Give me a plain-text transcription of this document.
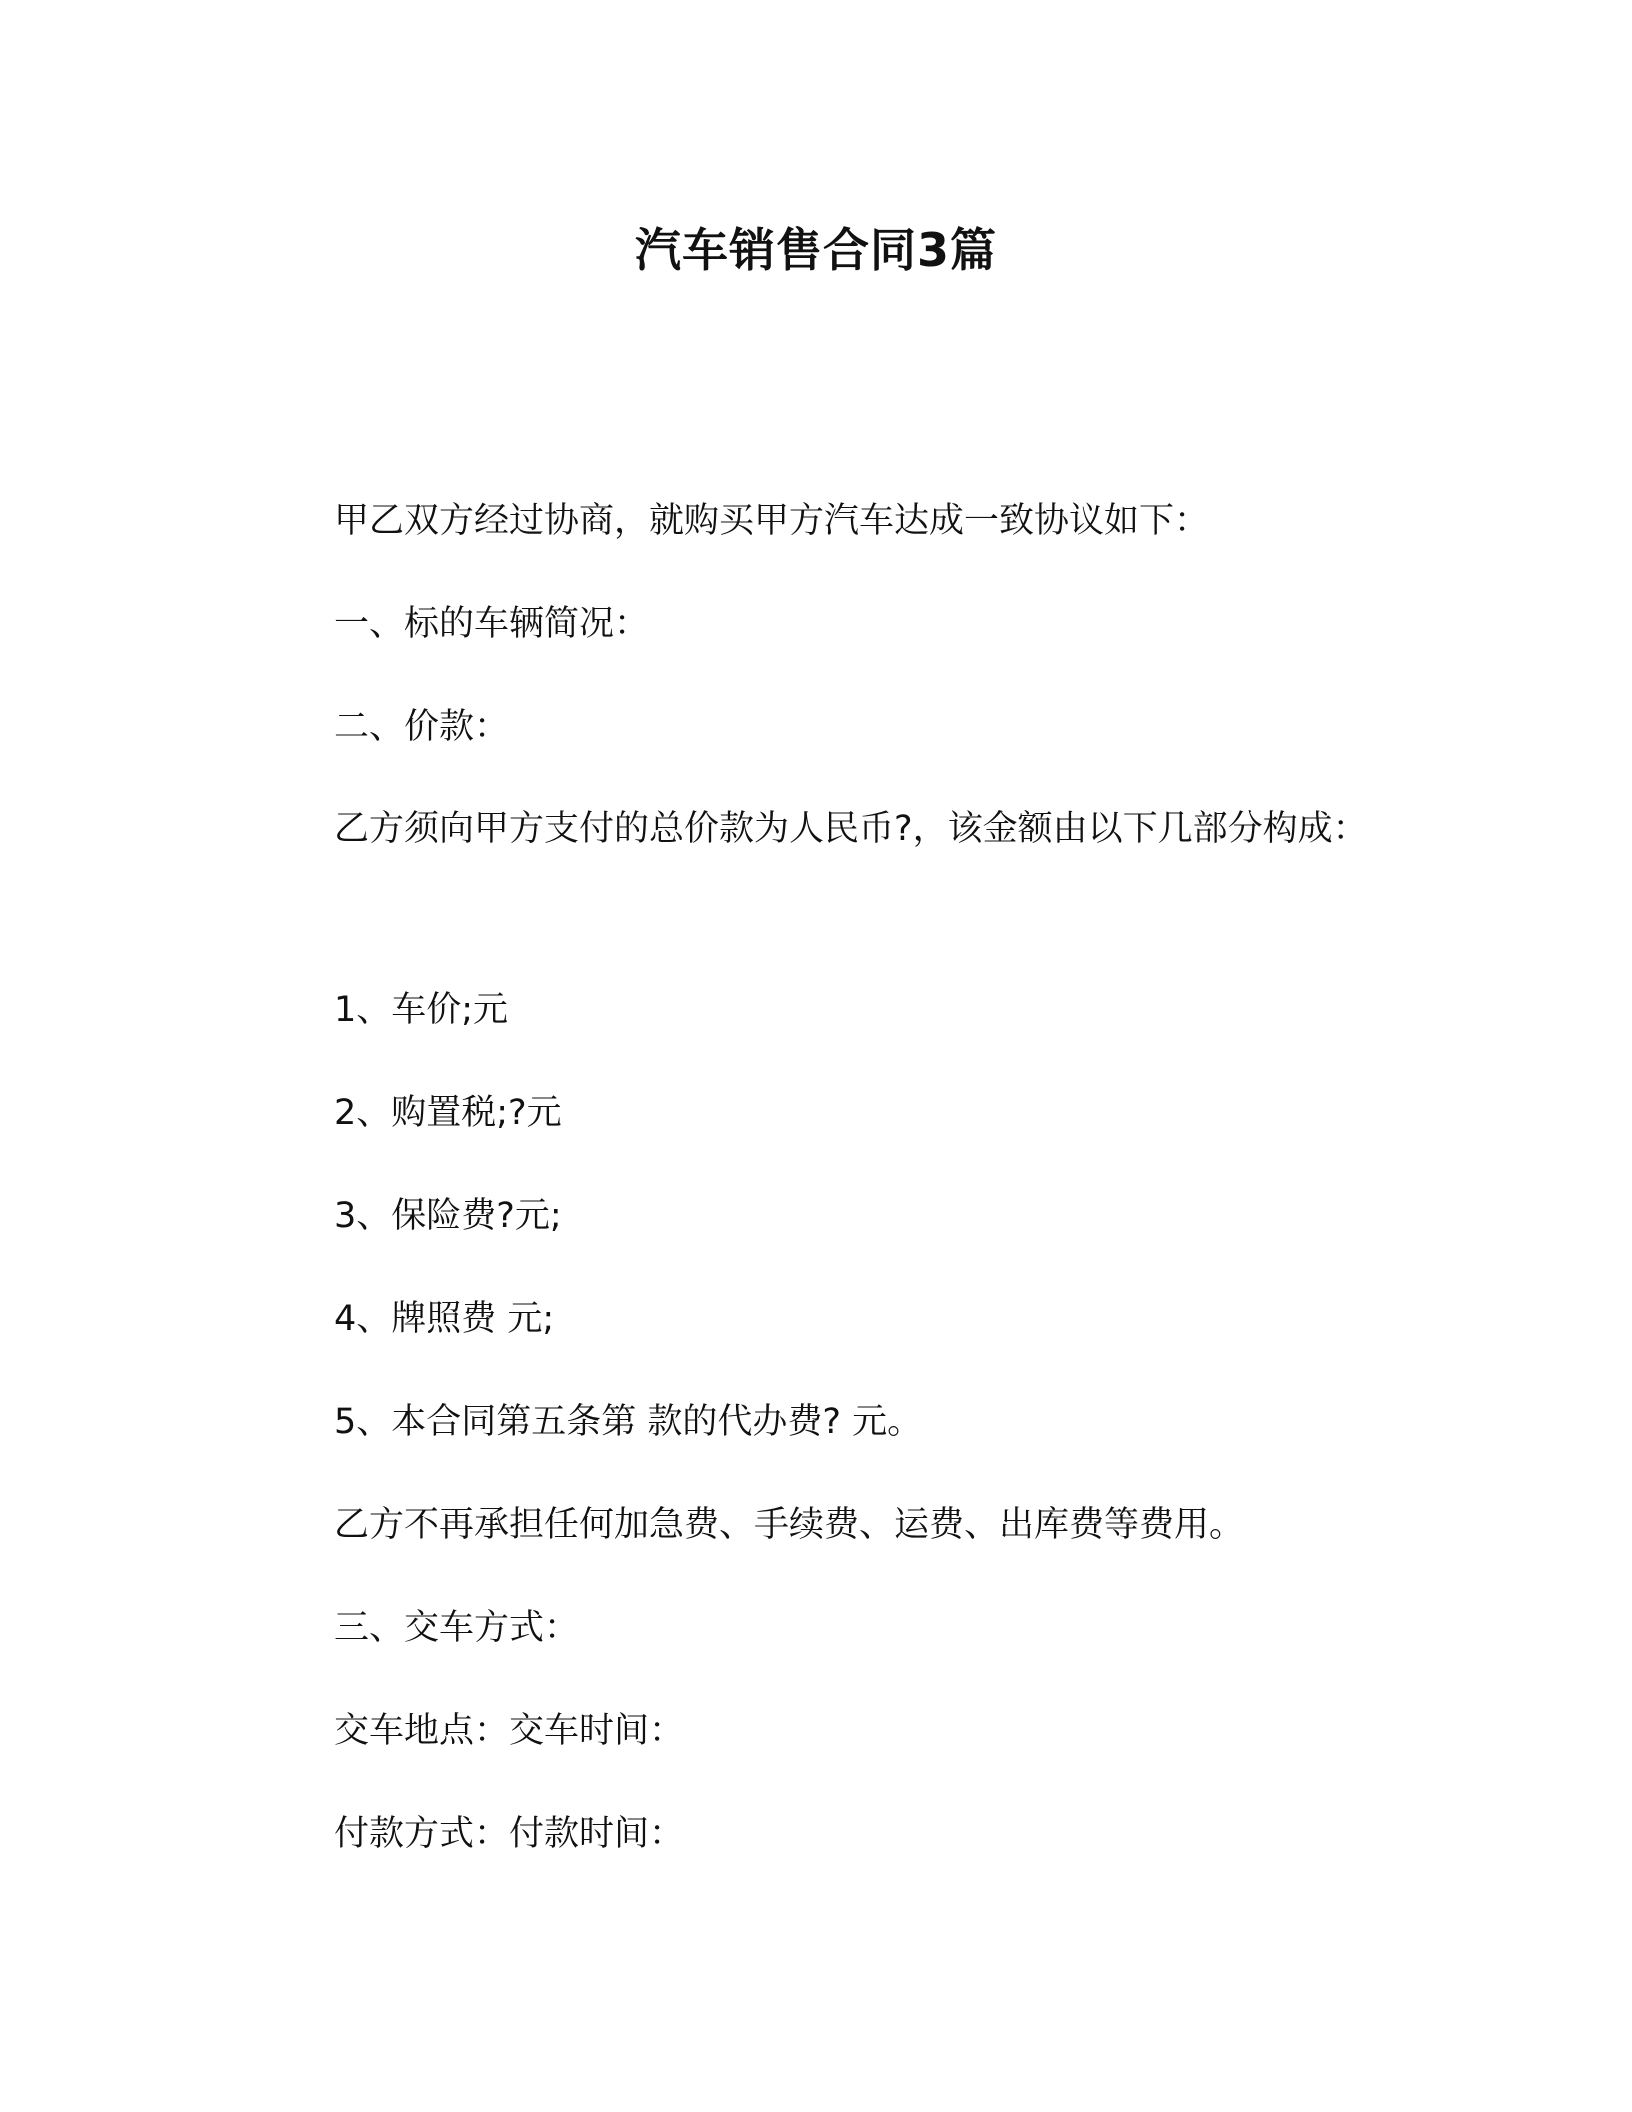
汽车销售合同3篇

甲乙双方经过协商，就购买甲方汽车达成一致协议如下：

一、标的车辆简况：

二、价款：

乙方须向甲方支付的总价款为人民币?，该金额由以下几部分构成：

1、车价;元

2、购置税;?元

3、保险费?元;

4、牌照费 元;

5、本合同第五条第 款的代办费? 元。

乙方不再承担任何加急费、手续费、运费、出库费等费用。

三、交车方式：

交车地点：交车时间：

付款方式：付款时间：
